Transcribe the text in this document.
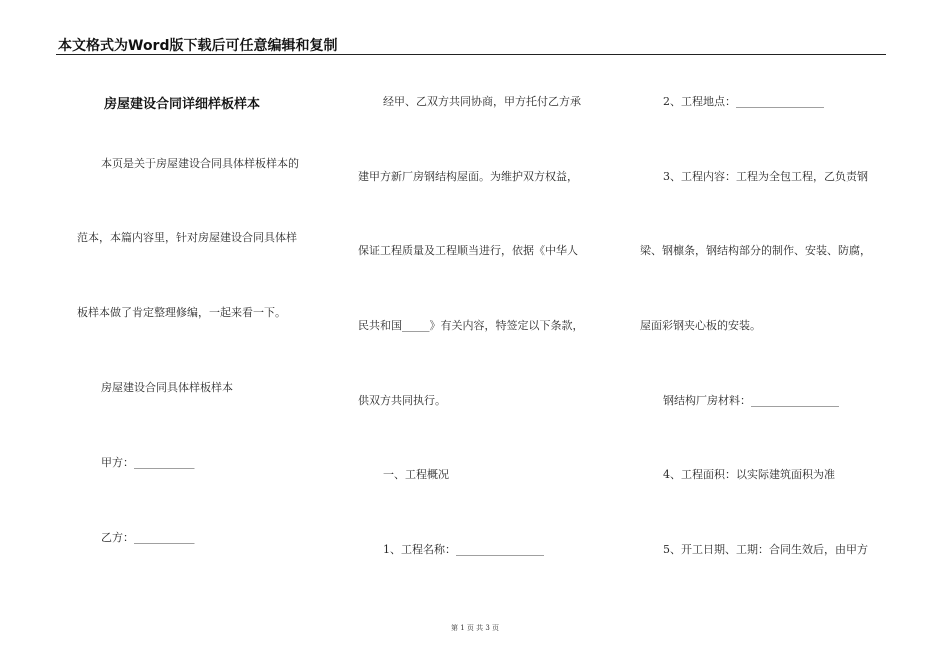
本文格式为Word版下载后可任意编辑和复制
房屋建设合同详细样板样本
本页是关于房屋建设合同具体样板样本的
范本，本篇内容里，针对房屋建设合同具体样
板样本做了肯定整理修编，一起来看一下。
房屋建设合同具体样板样本
甲方：___________
乙方：___________
经甲、乙双方共同协商，甲方托付乙方承
建甲方新厂房钢结构屋面。为维护双方权益，
保证工程质量及工程顺当进行，依据《中华人
民共和国_____》有关内容，特签定以下条款，
供双方共同执行。
一、工程概况
1、工程名称：________________
2、工程地点：________________
3、工程内容：工程为全包工程，乙负责钢
梁、钢檩条，钢结构部分的制作、安装、防腐，
屋面彩钢夹心板的安装。
钢结构厂房材料：________________
4、工程面积：以实际建筑面积为准
5、开工日期、工期：合同生效后，由甲方
第 1 页 共 3 页
